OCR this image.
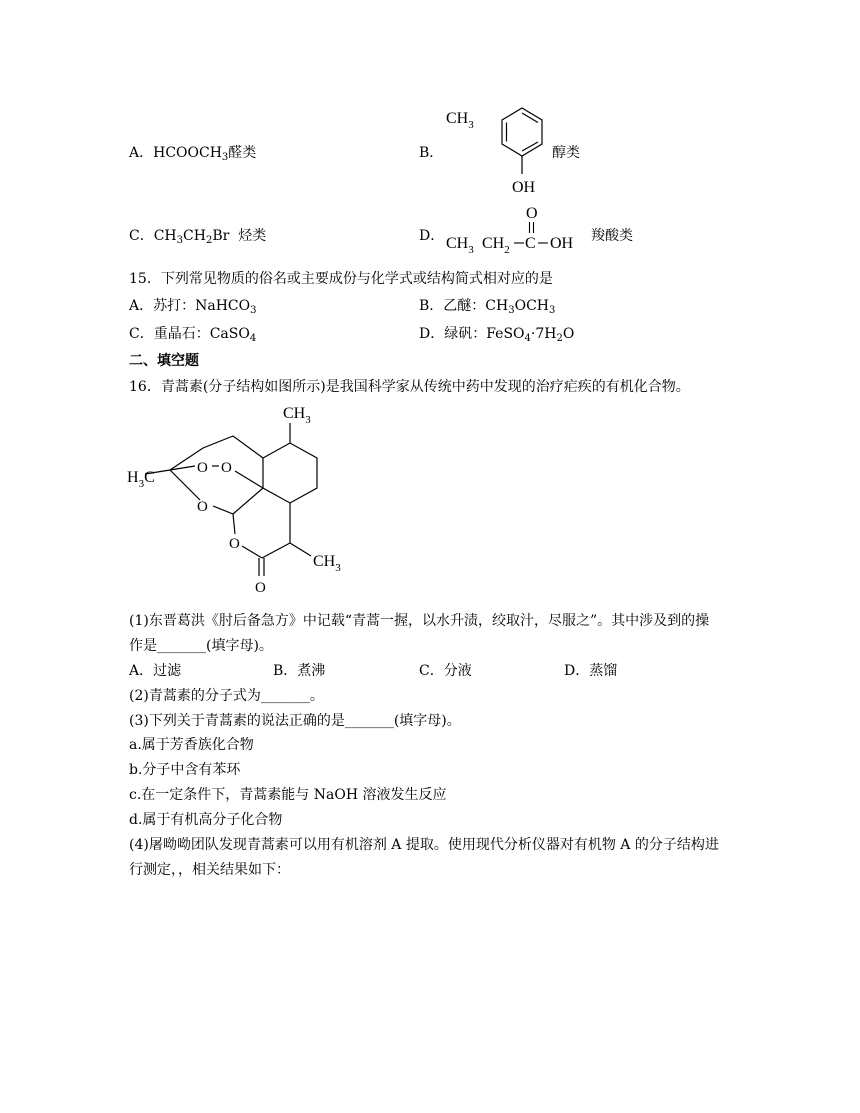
A．$HCOOCH_3$醛类	B．
$CH_3$
OH
醇类
C．$CH_3CH_2Br$ 烃类	D．
O
$CH_3$ $CH_2$ C OH 羧酸类
15．下列常见物质的俗名或主要成份与化学式或结构简式相对应的是
A．苏打：NaHCO$_3$	B．乙醚：$CH_3OCH_3$
C．重晶石：CaSO$_4$	D．绿矾：$FeSO_4\cdot 7H_2O$
二、填空题
16．青蒿素(分子结构如图所示)是我国科学家从传统中药中发现的治疗疟疾的有机化合物。
$CH_3$
$H_3C$
O O
O
O
O
$CH_3$
(1)东晋葛洪《肘后备急方》中记载“青蒿一握，以水升渍，绞取汁，尽服之”。其中涉及到的操
作是_______(填字母)。
A．过滤	B．煮沸	C．分液	D．蒸馏
(2)青蒿素的分子式为_______。
(3)下列关于青蒿素的说法正确的是_______(填字母)。
a.属于芳香族化合物
b.分子中含有苯环
c.在一定条件下，青蒿素能与 NaOH 溶液发生反应
d.属于有机高分子化合物
(4)屠呦呦团队发现青蒿素可以用有机溶剂 A 提取。使用现代分析仪器对有机物 A 的分子结构进
行测定，，相关结果如下：
